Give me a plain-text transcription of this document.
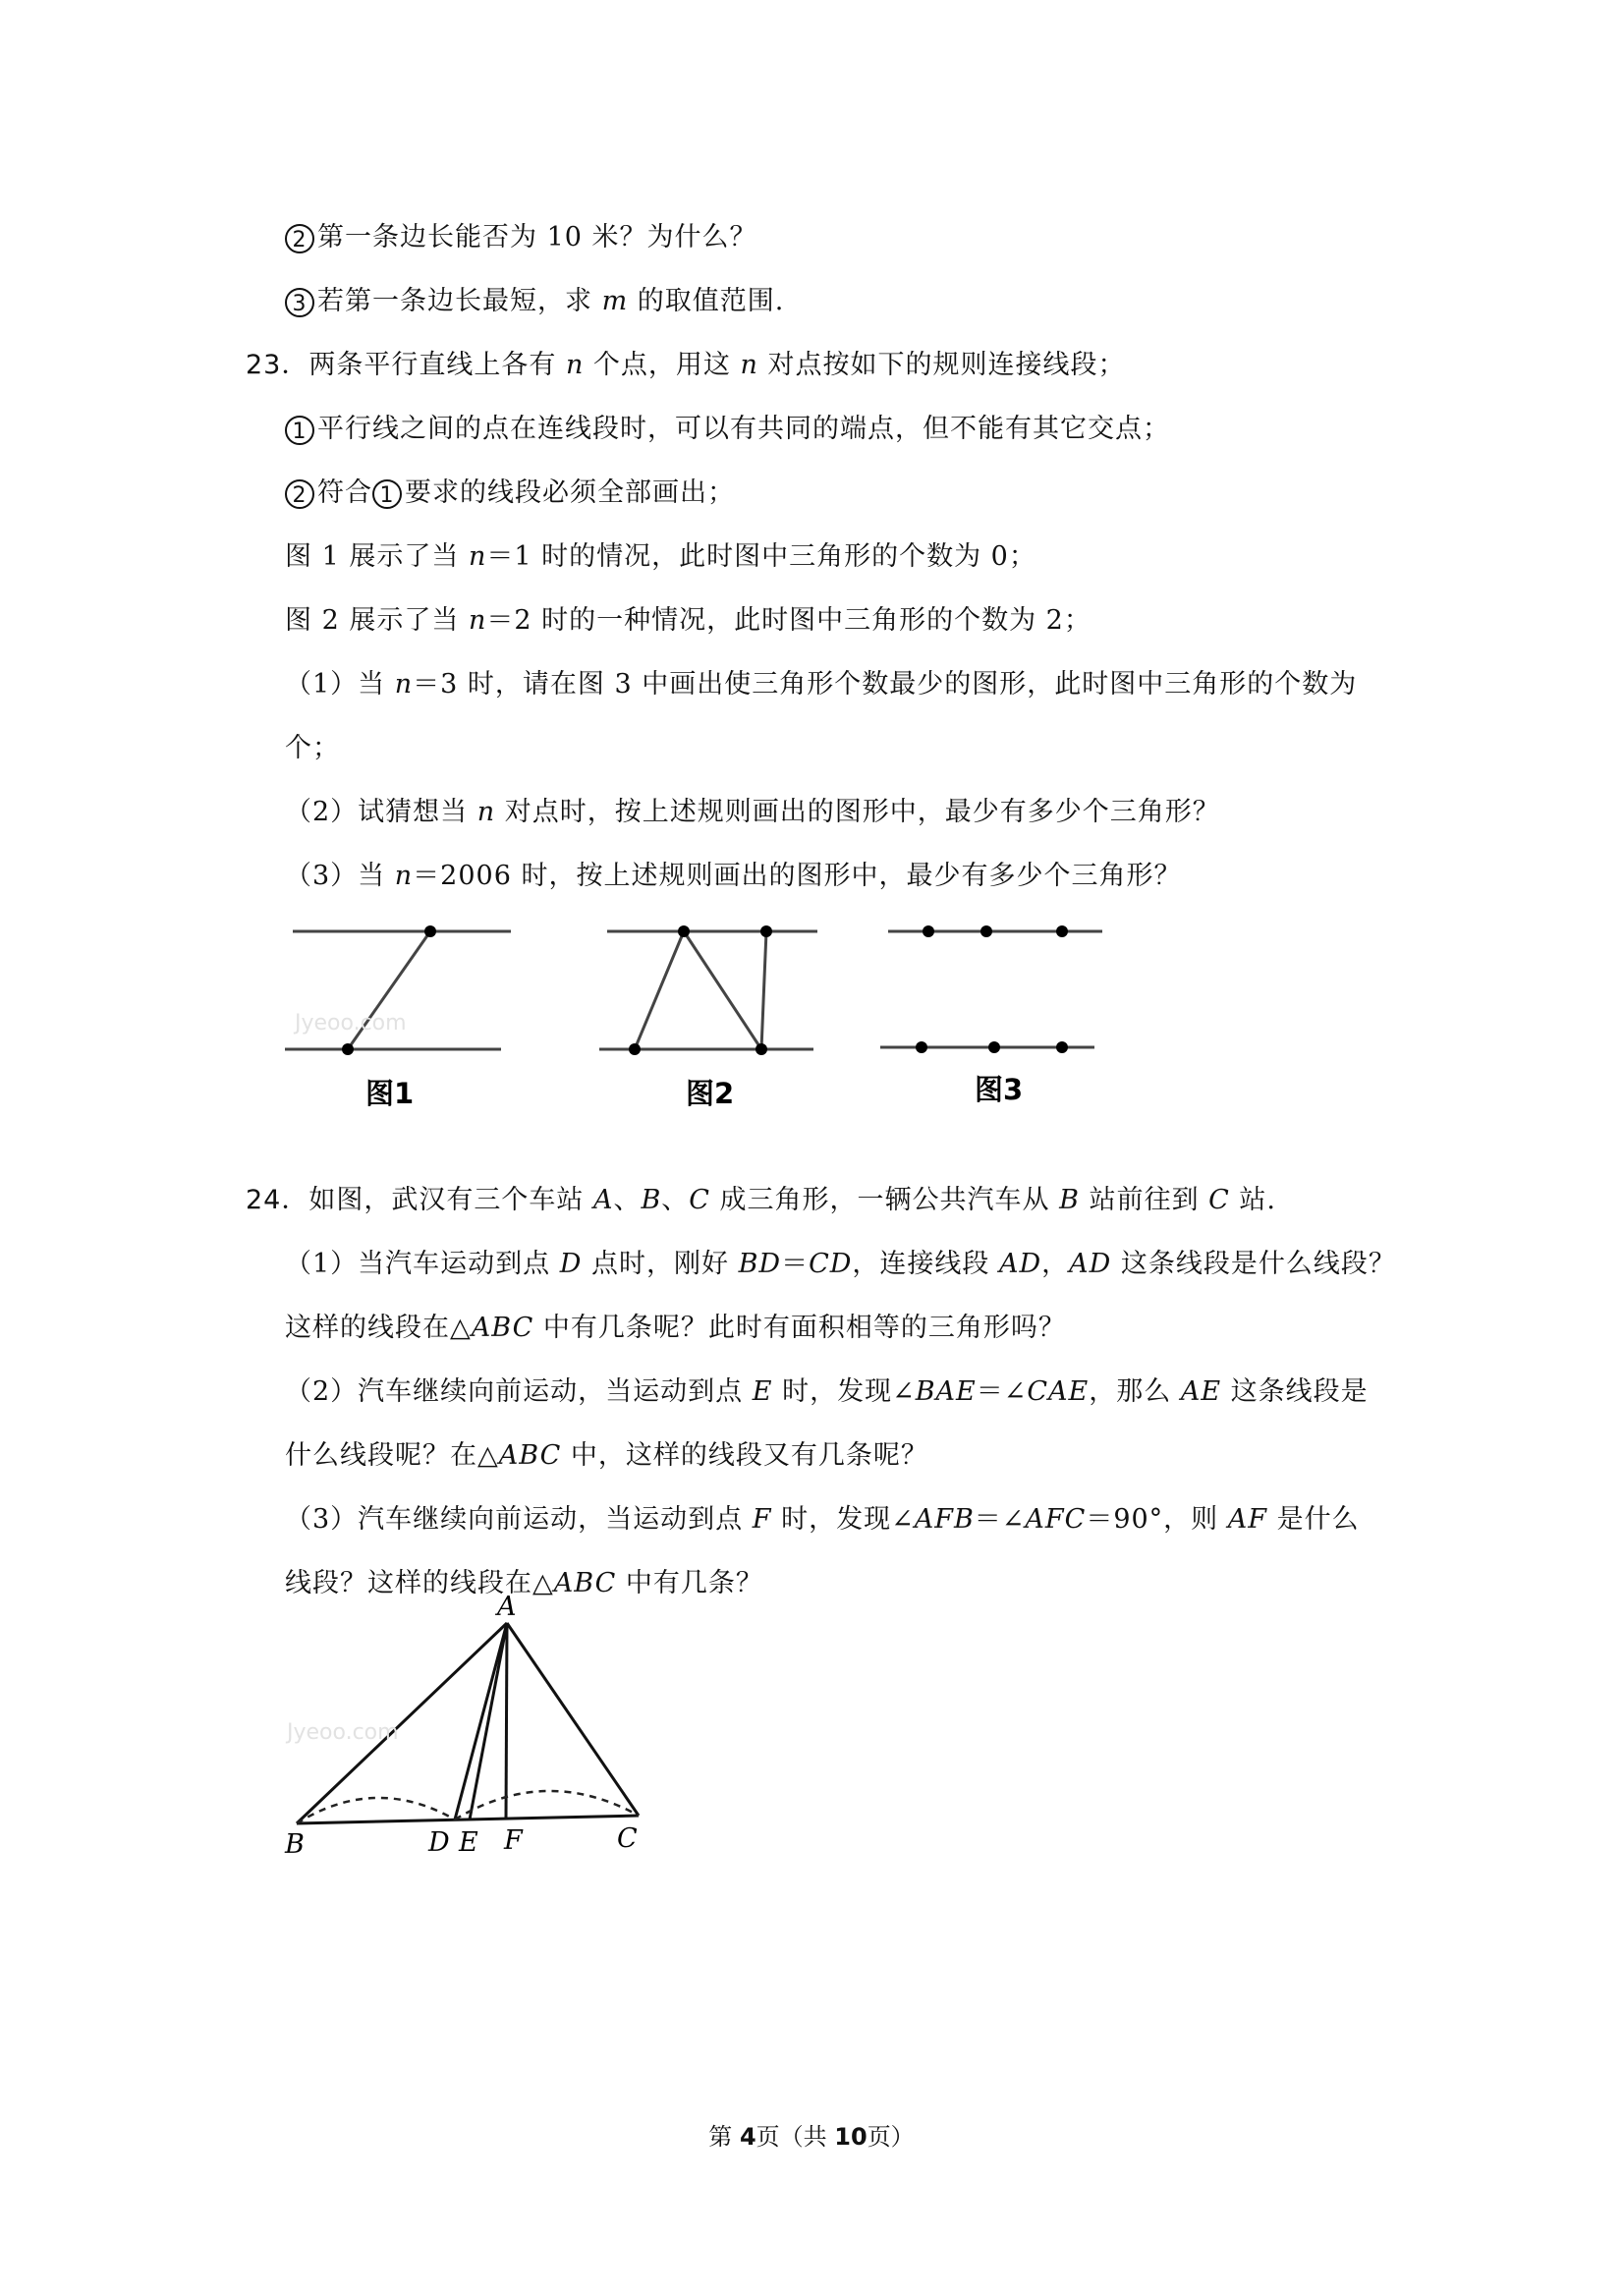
2 第一条边长能否为 10 米？为什么？
3 若第一条边长最短，求 m 的取值范围.
23．两条平行直线上各有 n 个点，用这 n 对点按如下的规则连接线段；
1 平行线之间的点在连线段时，可以有共同的端点，但不能有其它交点；
2 符合 1 要求的线段必须全部画出；
图 1 展示了当 n＝1 时的情况，此时图中三角形的个数为 0；
图 2 展示了当 n＝2 时的一种情况，此时图中三角形的个数为 2；
（1）当 n＝3 时，请在图 3 中画出使三角形个数最少的图形，此时图中三角形的个数为
个；
（2）试猜想当 n 对点时，按上述规则画出的图形中，最少有多少个三角形？
（3）当 n＝2006 时，按上述规则画出的图形中，最少有多少个三角形？
Jyeoo.com
图1	图2	图3
24．如图，武汉有三个车站 A、B、C 成三角形，一辆公共汽车从 B 站前往到 C 站.
（1）当汽车运动到点 D 点时，刚好 BD＝CD，连接线段 AD，AD 这条线段是什么线段？
这样的线段在△ABC 中有几条呢？此时有面积相等的三角形吗？
（2）汽车继续向前运动，当运动到点 E 时，发现∠BAE＝∠CAE，那么 AE 这条线段是
什么线段呢？在△ABC 中，这样的线段又有几条呢？
（3）汽车继续向前运动，当运动到点 F 时，发现∠AFB＝∠AFC＝90°，则 AF 是什么
线段？这样的线段在△ABC 中有几条？
A
B	D E F	C
Jyeoo.com
第 4页（共 10页）
